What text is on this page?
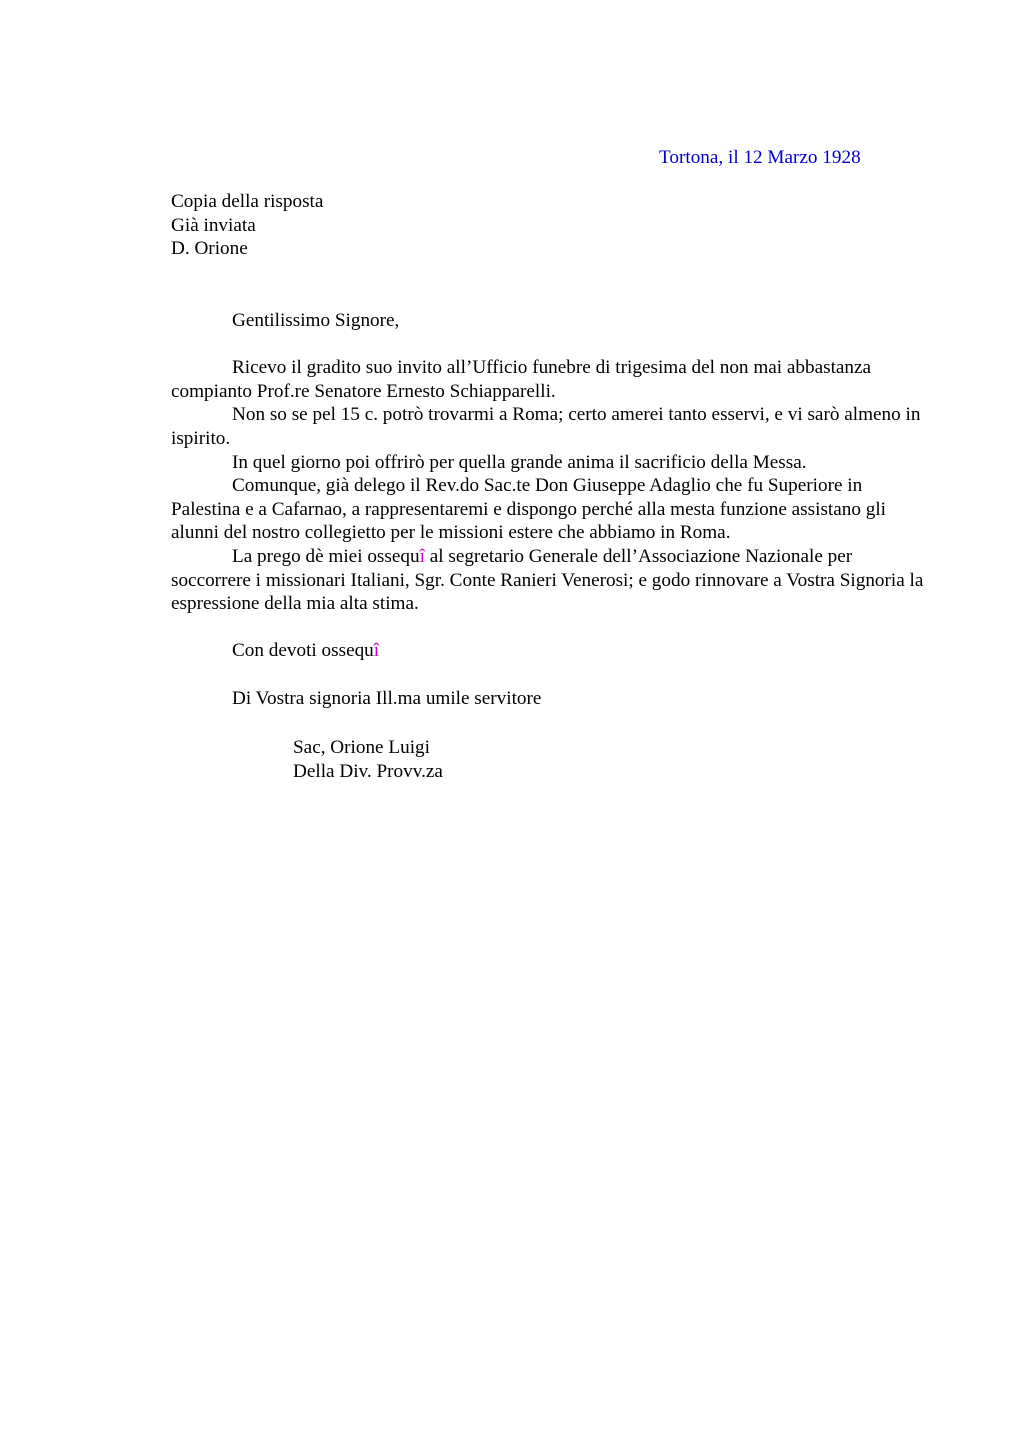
Tortona, il 12 Marzo 1928
Copia della risposta
Già inviata
D. Orione

Gentilissimo Signore,

Ricevo il gradito suo invito all’Ufficio funebre di trigesima del non mai abbastanza compianto Prof.re Senatore Ernesto Schiapparelli.

Non so se pel 15 c. potrò trovarmi a Roma; certo amerei tanto esservi, e vi sarò almeno in ispirito.

In quel giorno poi offrirò per quella grande anima il sacrificio della Messa.

Comunque, già delego il Rev.do Sac.te Don Giuseppe Adaglio che fu Superiore in Palestina e a Cafarnao, a rappresentaremi e dispongo perché alla mesta funzione assistano gli alunni del nostro collegietto per le missioni estere che abbiamo in Roma.

La prego dè miei ossequî al segretario Generale dell’Associazione Nazionale per soccorrere i missionari Italiani, Sgr. Conte Ranieri Venerosi; e godo rinnovare a Vostra Signoria la espressione della mia alta stima.

Con devoti ossequî

Di Vostra signoria Ill.ma umile servitore

Sac, Orione Luigi
Della Div. Provv.za
